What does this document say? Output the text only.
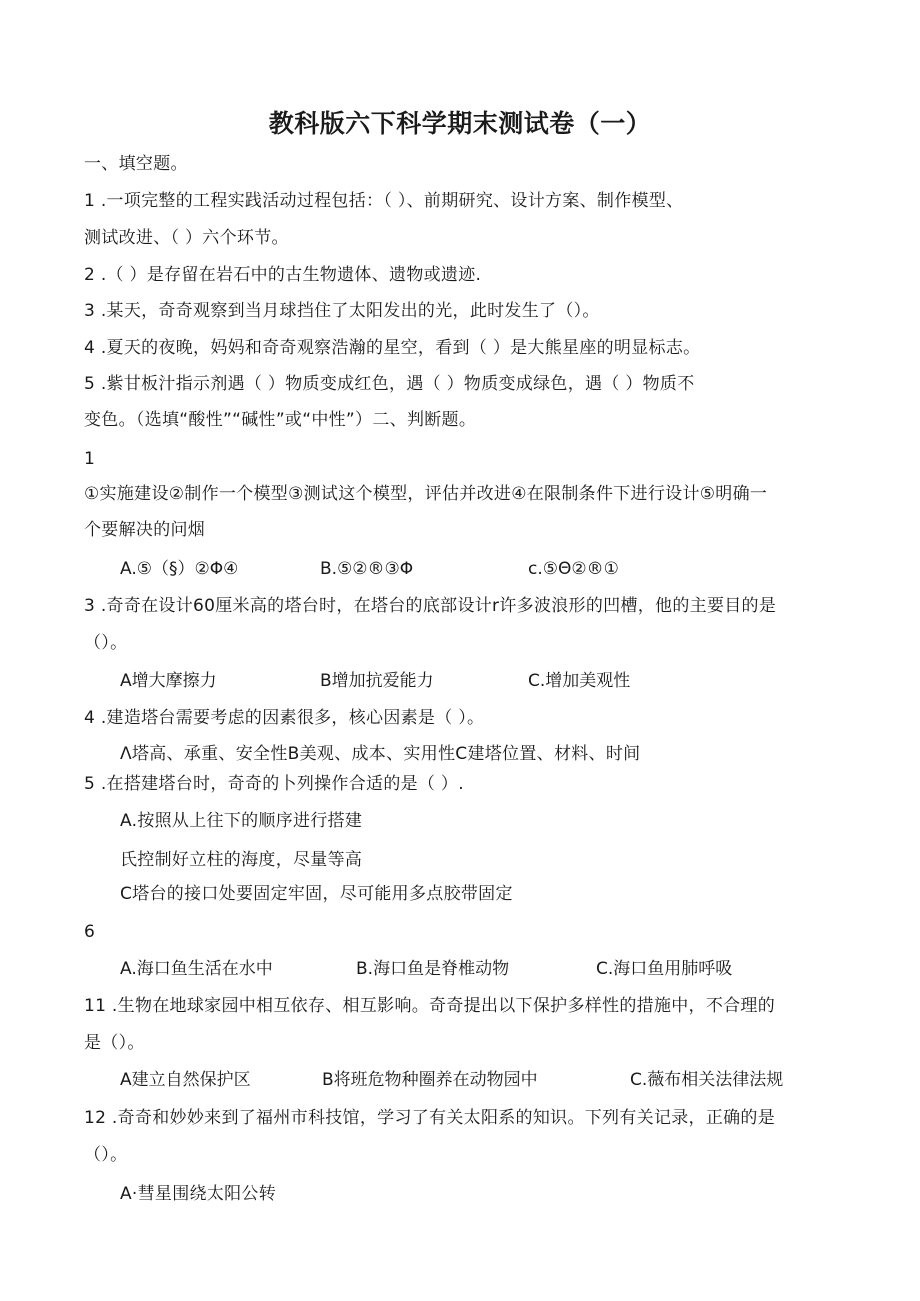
教科版六下科学期末测试卷（一）
一、填空题。
1 .一项完整的工程实践活动过程包括：（ ）、前期研究、设计方案、制作模型、
测试改进、（ ）六个环节。
2 .（ ）是存留在岩石中的古生物遗体、遗物或遗迹.
3 .某天，奇奇观察到当月球挡住了太阳发出的光，此时发生了（）。
4 .夏天的夜晚，妈妈和奇奇观察浩瀚的星空，看到（ ）是大熊星座的明显标志。
5 .紫甘板汁指示剂遇（ ）物质变成红色，遇（ ）物质变成绿色，遇（ ）物质不
变色。（选填“酸性”“碱性”或“中性”）二、判断题。
1
①实施建设②制作一个模型③测试这个模型，评估并改进④在限制条件下进行设计⑤明确一
个要解决的问烟
A.⑤（§）②Φ④	B.⑤②®③Φ	c.⑤Θ②®①
3 .奇奇在设计60厘米高的塔台时，在塔台的底部设计r许多波浪形的凹槽，他的主要目的是
（）。
A增大摩擦力	B增加抗爱能力	C.增加美观性
4 .建造塔台需要考虑的因素很多，核心因素是（ ）。
Λ塔高、承重、安全性B美观、成本、实用性C建塔位置、材料、时间
5 .在搭建塔台时，奇奇的卜列操作合适的是（ ）.
A.按照从上往下的顺序进行搭建
氏控制好立柱的海度，尽量等高
C塔台的接口处要固定牢固，尽可能用多点胶带固定
6
A.海口鱼生活在水中	B.海口鱼是脊椎动物	C.海口鱼用肺呼吸
11 .生物在地球家园中相互依存、相互影响。奇奇提出以下保护多样性的措施中，不合理的
是（）。
A建立自然保护区	B将班危物种圈养在动物园中	C.薇布相关法律法规
12 .奇奇和妙妙来到了福州市科技馆，学习了有关太阳系的知识。下列有关记录，正确的是
（）。
A·彗星围绕太阳公转
